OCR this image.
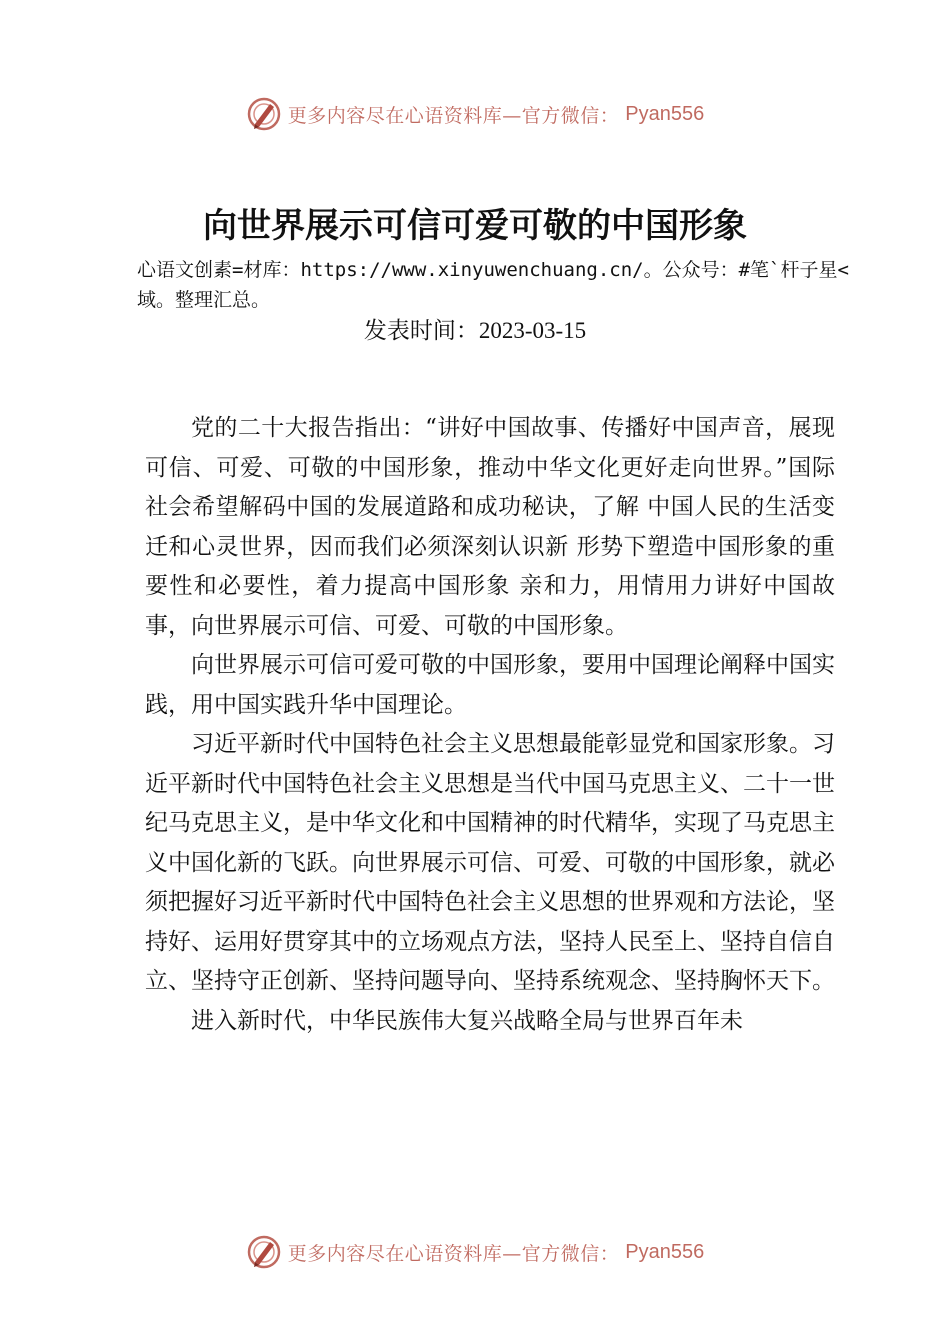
更多内容尽在心语资料库—官方微信： Pyan556
向世界展示可信可爱可敬的中国形象

心语文创素=材库：https://www.xinyuwenchuang.cn/。公众号：#笔`杆子星<域。整理汇总。

发表时间：2023-03-15

党的二十大报告指出：“讲好中国故事、传播好中国声音，展现可信、可爱、可敬的中国形象，推动中华文化更好走向世界。”国际社会希望解码中国的发展道路和成功秘诀，了解 中国人民的生活变迁和心灵世界，因而我们必须深刻认识新 形势下塑造中国形象的重要性和必要性，着力提高中国形象 亲和力，用情用力讲好中国故事，向世界展示可信、可爱、可敬的中国形象。

向世界展示可信可爱可敬的中国形象，要用中国理论阐释中国实践，用中国实践升华中国理论。

习近平新时代中国特色社会主义思想最能彰显党和国家形象。习近平新时代中国特色社会主义思想是当代中国马克思主义、二十一世纪马克思主义，是中华文化和中国精神的时代精华，实现了马克思主义中国化新的飞跃。向世界展示可信、可爱、可敬的中国形象，就必须把握好习近平新时代中国特色社会主义思想的世界观和方法论，坚持好、运用好贯穿其中的立场观点方法，坚持人民至上、坚持自信自立、坚持守正创新、坚持问题导向、坚持系统观念、坚持胸怀天下。

进入新时代，中华民族伟大复兴战略全局与世界百年未

更多内容尽在心语资料库—官方微信： Pyan556
